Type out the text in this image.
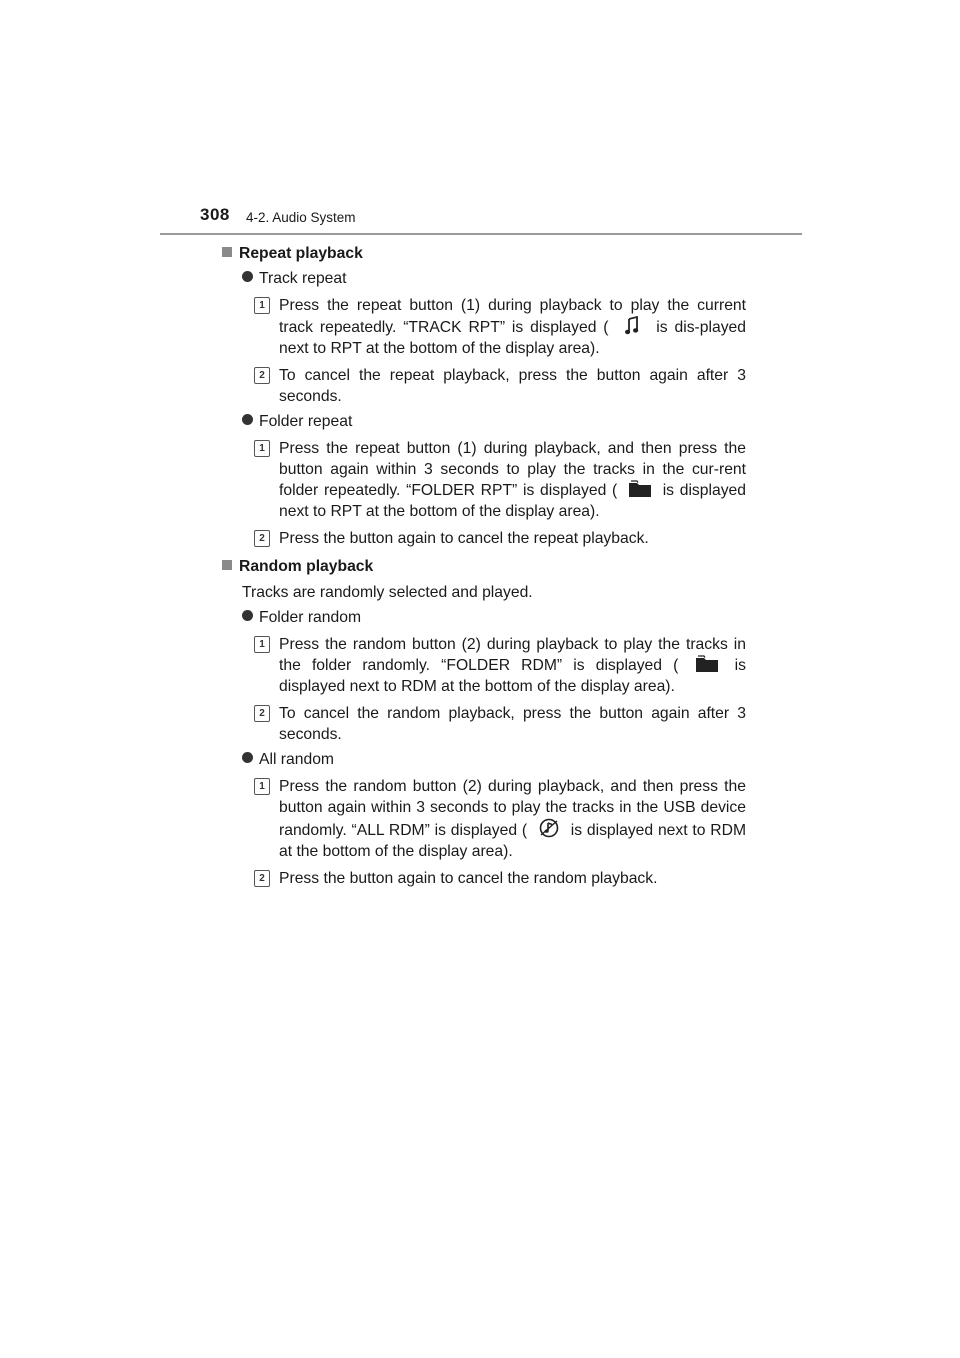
308 4-2. Audio System
Repeat playback
Track repeat
1 Press the repeat button (1) during playback to play the current track repeatedly. “TRACK RPT” is displayed (	is dis-played next to RPT at the bottom of the display area).
2 To cancel the repeat playback, press the button again after 3 seconds.
Folder repeat
1 Press the repeat button (1) during playback, and then press the button again within 3 seconds to play the tracks in the cur-rent folder repeatedly. “FOLDER RPT” is displayed (	is displayed next to RPT at the bottom of the display area).
2 Press the button again to cancel the repeat playback.
Random playback
Tracks are randomly selected and played.
Folder random
1 Press the random button (2) during playback to play the tracks in the folder randomly. “FOLDER RDM” is displayed (	is displayed next to RDM at the bottom of the display area).
2 To cancel the random playback, press the button again after 3 seconds.
All random
1 Press the random button (2) during playback, and then press the button again within 3 seconds to play the tracks in the USB device randomly. “ALL RDM” is displayed (	is displayed next to RDM at the bottom of the display area).
2 Press the button again to cancel the random playback.
